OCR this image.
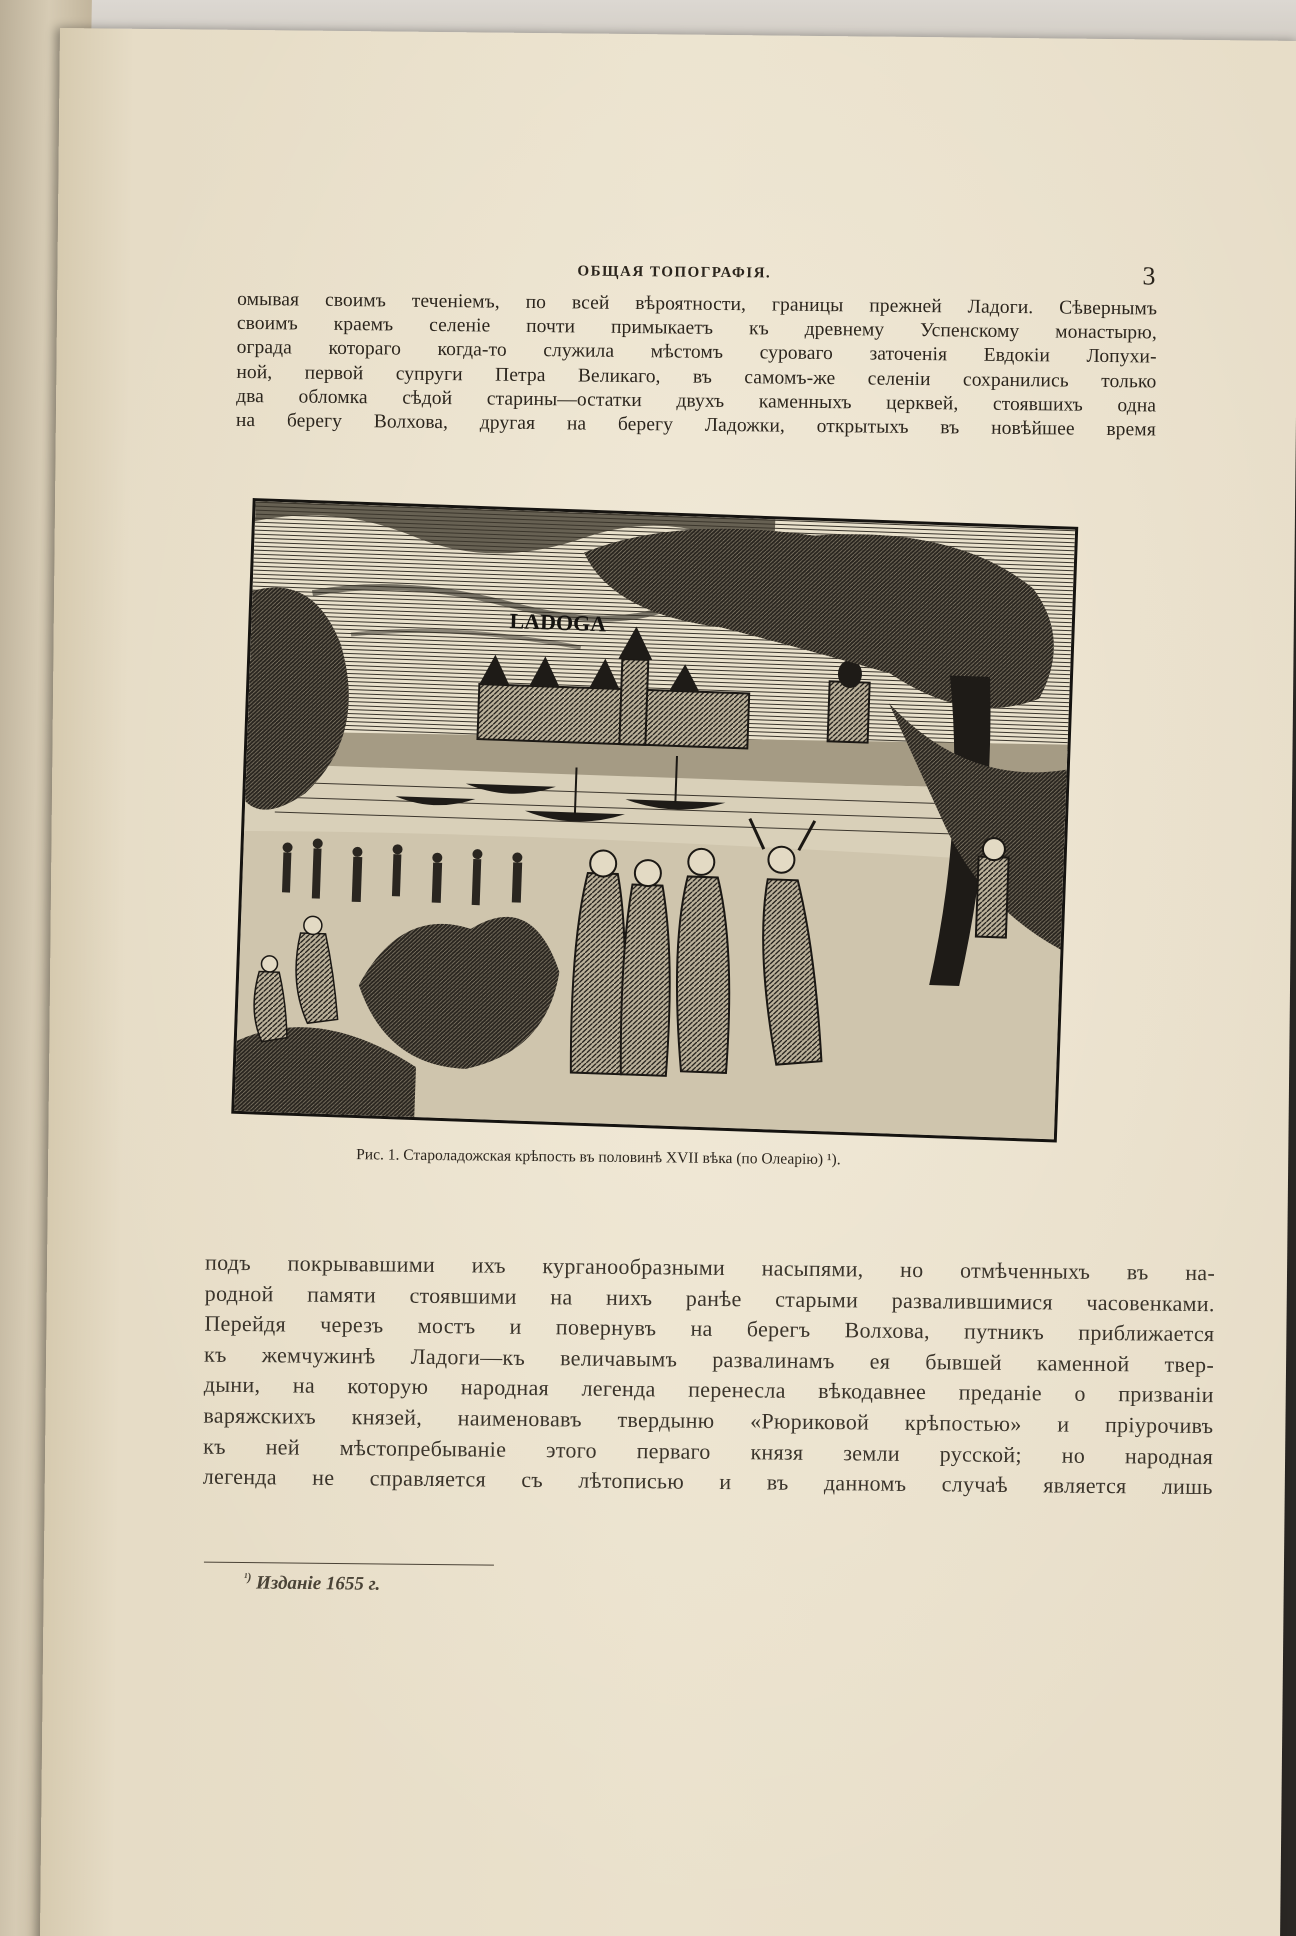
ОБЩАЯ ТОПОГРАФІЯ.	3
омывая своимъ теченіемъ, по всей вѣроятности, границы прежней Ладоги. Сѣвернымъ
своимъ краемъ селеніе почти примыкаетъ къ древнему Успенскому монастырю,
ограда котораго когда-то служила мѣстомъ суроваго заточенія Евдокіи Лопухи-
ной, первой супруги Петра Великаго, въ самомъ-же селеніи сохранились только
два обломка сѣдой старины—остатки двухъ каменныхъ церквей, стоявшихъ одна
на берегу Волхова, другая на берегу Ладожки, открытыхъ въ новѣйшее время
LADOGA
Рис. 1. Староладожская крѣпость въ половинѣ XVII вѣка (по Олеарію) ¹).
подъ покрывавшими ихъ курганообразными насыпями, но отмѣченныхъ въ на-
родной памяти стоявшими на нихъ ранѣе старыми развалившимися часовенками.
Перейдя черезъ мостъ и повернувъ на берегъ Волхова, путникъ приближается
къ жемчужинѣ Ладоги—къ величавымъ развалинамъ ея бывшей каменной твер-
дыни, на которую народная легенда перенесла вѣкодавнее преданіе о призваніи
варяжскихъ князей, наименовавъ твердыню «Рюриковой крѣпостью» и пріурочивъ
къ ней мѣстопребываніе этого перваго князя земли русской; но народная
легенда не справляется съ лѣтописью и въ данномъ случаѣ является лишь
$^{^1)}$ Изданіе 1655 г.
